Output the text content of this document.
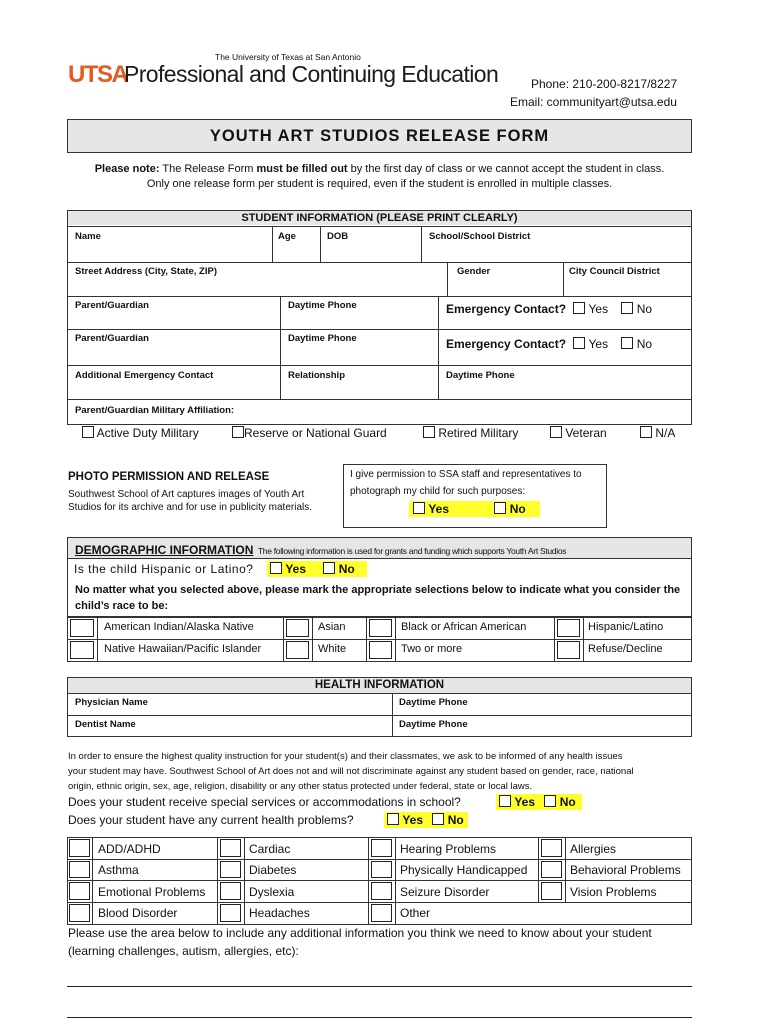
The University of Texas at San Antonio
UTSA
Professional and Continuing Education	Phone: 210-200-8217/8227
Email: communityart@utsa.edu
YOUTH ART STUDIOS RELEASE FORM
Please note: The Release Form must be filled out by the first day of class or we cannot accept the student in class.
Only one release form per student is required, even if the student is enrolled in multiple classes.
STUDENT INFORMATION (PLEASE PRINT CLEARLY)
Name	Age	DOB	School/School District
Street Address (City, State, ZIP)	Gender	City Council District
Parent/Guardian	Daytime Phone	Emergency Contact? Yes No
Parent/Guardian	Daytime Phone	Emergency Contact? Yes No
Additional Emergency Contact	Relationship	Daytime Phone
Parent/Guardian Military Affiliation:
Active Duty Military	Reserve or National Guard	Retired Military	Veteran	N/A
PHOTO PERMISSION AND RELEASE
Southwest School of Art captures images of Youth Art
Studios for its archive and for use in publicity materials.
I give permission to SSA staff and representatives to
photograph my child for such purposes:
Yes	No
DEMOGRAPHIC INFORMATION The following information is used for grants and funding which supports Youth Art Studios
Is the child Hispanic or Latino?	Yes	No
No matter what you selected above, please mark the appropriate selections below to indicate what you consider the child’s race to be:
American Indian/Alaska Native	Asian	Black or African American	Hispanic/Latino
Native Hawaiian/Pacific Islander	White	Two or more	Refuse/Decline
HEALTH INFORMATION
Physician Name	Daytime Phone
Dentist Name	Daytime Phone
In order to ensure the highest quality instruction for your student(s) and their classmates, we ask to be informed of any health issues
your student may have. Southwest School of Art does not and will not discriminate against any student based on gender, race, national
origin, ethnic origin, sex, age, religion, disability or any other status protected under federal, state or local laws.
Does your student receive special services or accommodations in school?	Yes No
Does your student have any current health problems?	Yes No
ADD/ADHD	Cardiac	Hearing Problems	Allergies
Asthma	Diabetes	Physically Handicapped	Behavioral Problems
Emotional Problems	Dyslexia	Seizure Disorder	Vision Problems
Blood Disorder	Headaches	Other
Please use the area below to include any additional information you think we need to know about your student
(learning challenges, autism, allergies, etc):
